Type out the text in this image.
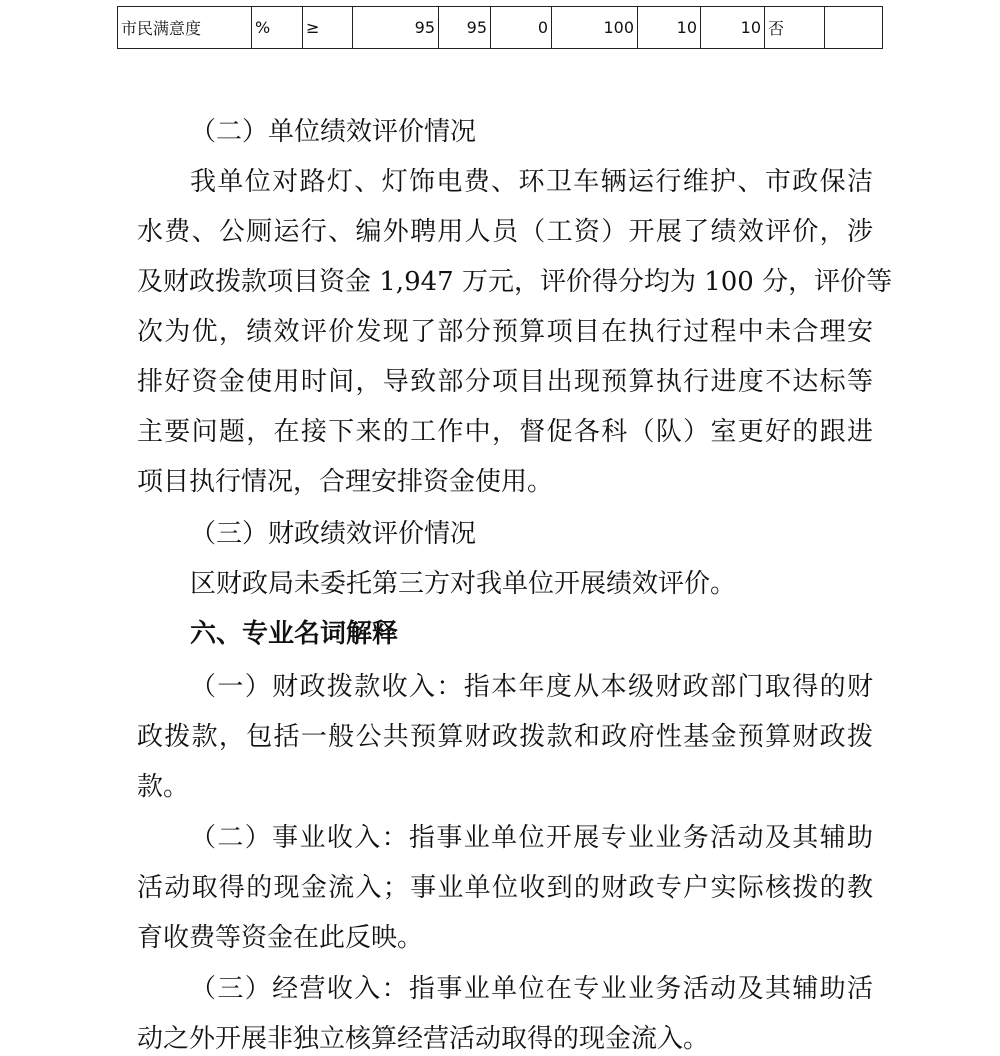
市民满意度	%	≥	95	95	0	100	10	10	否	
（二）单位绩效评价情况
我单位对路灯、灯饰电费、环卫车辆运行维护、市政保洁
水费、公厕运行、编外聘用人员（工资）开展了绩效评价，涉
及财政拨款项目资金 1,947 万元，评价得分均为 100 分，评价等
次为优，绩效评价发现了部分预算项目在执行过程中未合理安
排好资金使用时间，导致部分项目出现预算执行进度不达标等
主要问题，在接下来的工作中，督促各科（队）室更好的跟进
项目执行情况，合理安排资金使用。
（三）财政绩效评价情况
区财政局未委托第三方对我单位开展绩效评价。
六、专业名词解释
（一）财政拨款收入：指本年度从本级财政部门取得的财
政拨款，包括一般公共预算财政拨款和政府性基金预算财政拨
款。
（二）事业收入：指事业单位开展专业业务活动及其辅助
活动取得的现金流入；事业单位收到的财政专户实际核拨的教
育收费等资金在此反映。
（三）经营收入：指事业单位在专业业务活动及其辅助活
动之外开展非独立核算经营活动取得的现金流入。
